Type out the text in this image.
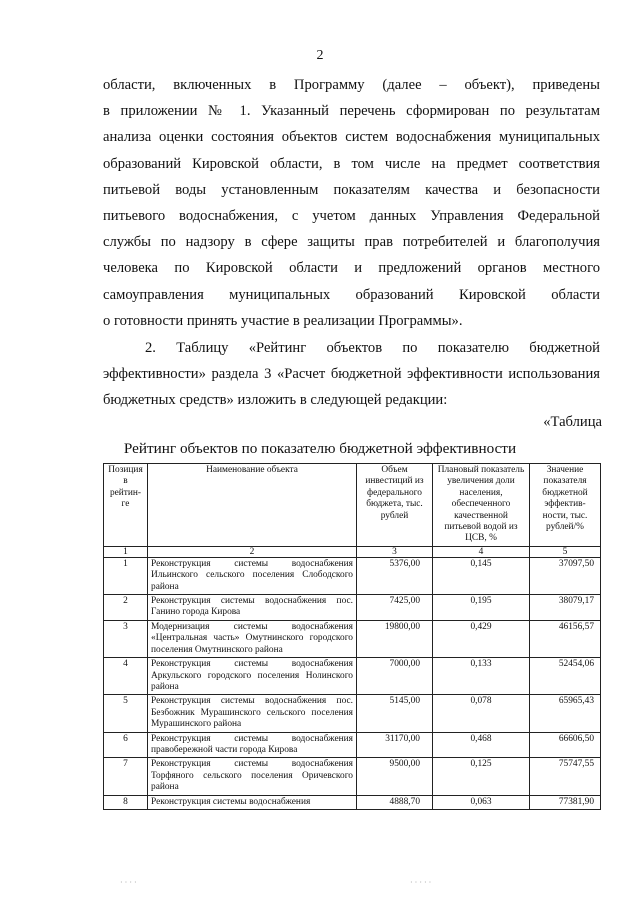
2
области, включенных в Программу (далее – объект), приведены
в приложении № 1. Указанный перечень сформирован по результатам
анализа оценки состояния объектов систем водоснабжения муниципальных
образований Кировской области, в том числе на предмет соответствия
питьевой воды установленным показателям качества и безопасности
питьевого водоснабжения, с учетом данных Управления Федеральной
службы по надзору в сфере защиты прав потребителей и благополучия
человека по Кировской области и предложений органов местного
самоуправления муниципальных образований Кировской области
о готовности принять участие в реализации Программы».
2. Таблицу «Рейтинг объектов по показателю бюджетной
эффективности» раздела 3 «Расчет бюджетной эффективности использования
бюджетных средств» изложить в следующей редакции:
«Таблица
Рейтинг объектов по показателю бюджетной эффективности
Позиция в рейтин-ге	Наименование объекта	Объем инвестиций из федерального бюджета, тыс. рублей	Плановый показатель увеличения доли населения, обеспеченного качественной питьевой водой из ЦСВ, %	Значение показателя бюджетной эффектив-ности, тыс. рублей/%
1	2	3	4	5
1	Реконструкция системы водоснабжения Ильинского сельского поселения Слободского района	5376,00	0,145	37097,50
2	Реконструкция системы водоснабжения пос. Ганино города Кирова	7425,00	0,195	38079,17
3	Модернизация системы водоснабжения «Центральная часть» Омутнинского городского поселения Омутнинского района	19800,00	0,429	46156,57
4	Реконструкция системы водоснабжения Аркульского городского поселения Нолинского района	7000,00	0,133	52454,06
5	Реконструкция системы водоснабжения пос. Безбожник Мурашинского сельского поселения Мурашинского района	5145,00	0,078	65965,43
6	Реконструкция системы водоснабжения правобережной части города Кирова	31170,00	0,468	66606,50
7	Реконструкция системы водоснабжения Торфяного сельского поселения Оричевского района	9500,00	0,125	75747,55
8	Реконструкция системы водоснабжения	4888,70	0,063	77381,90
· · · ·	· · · · ·
